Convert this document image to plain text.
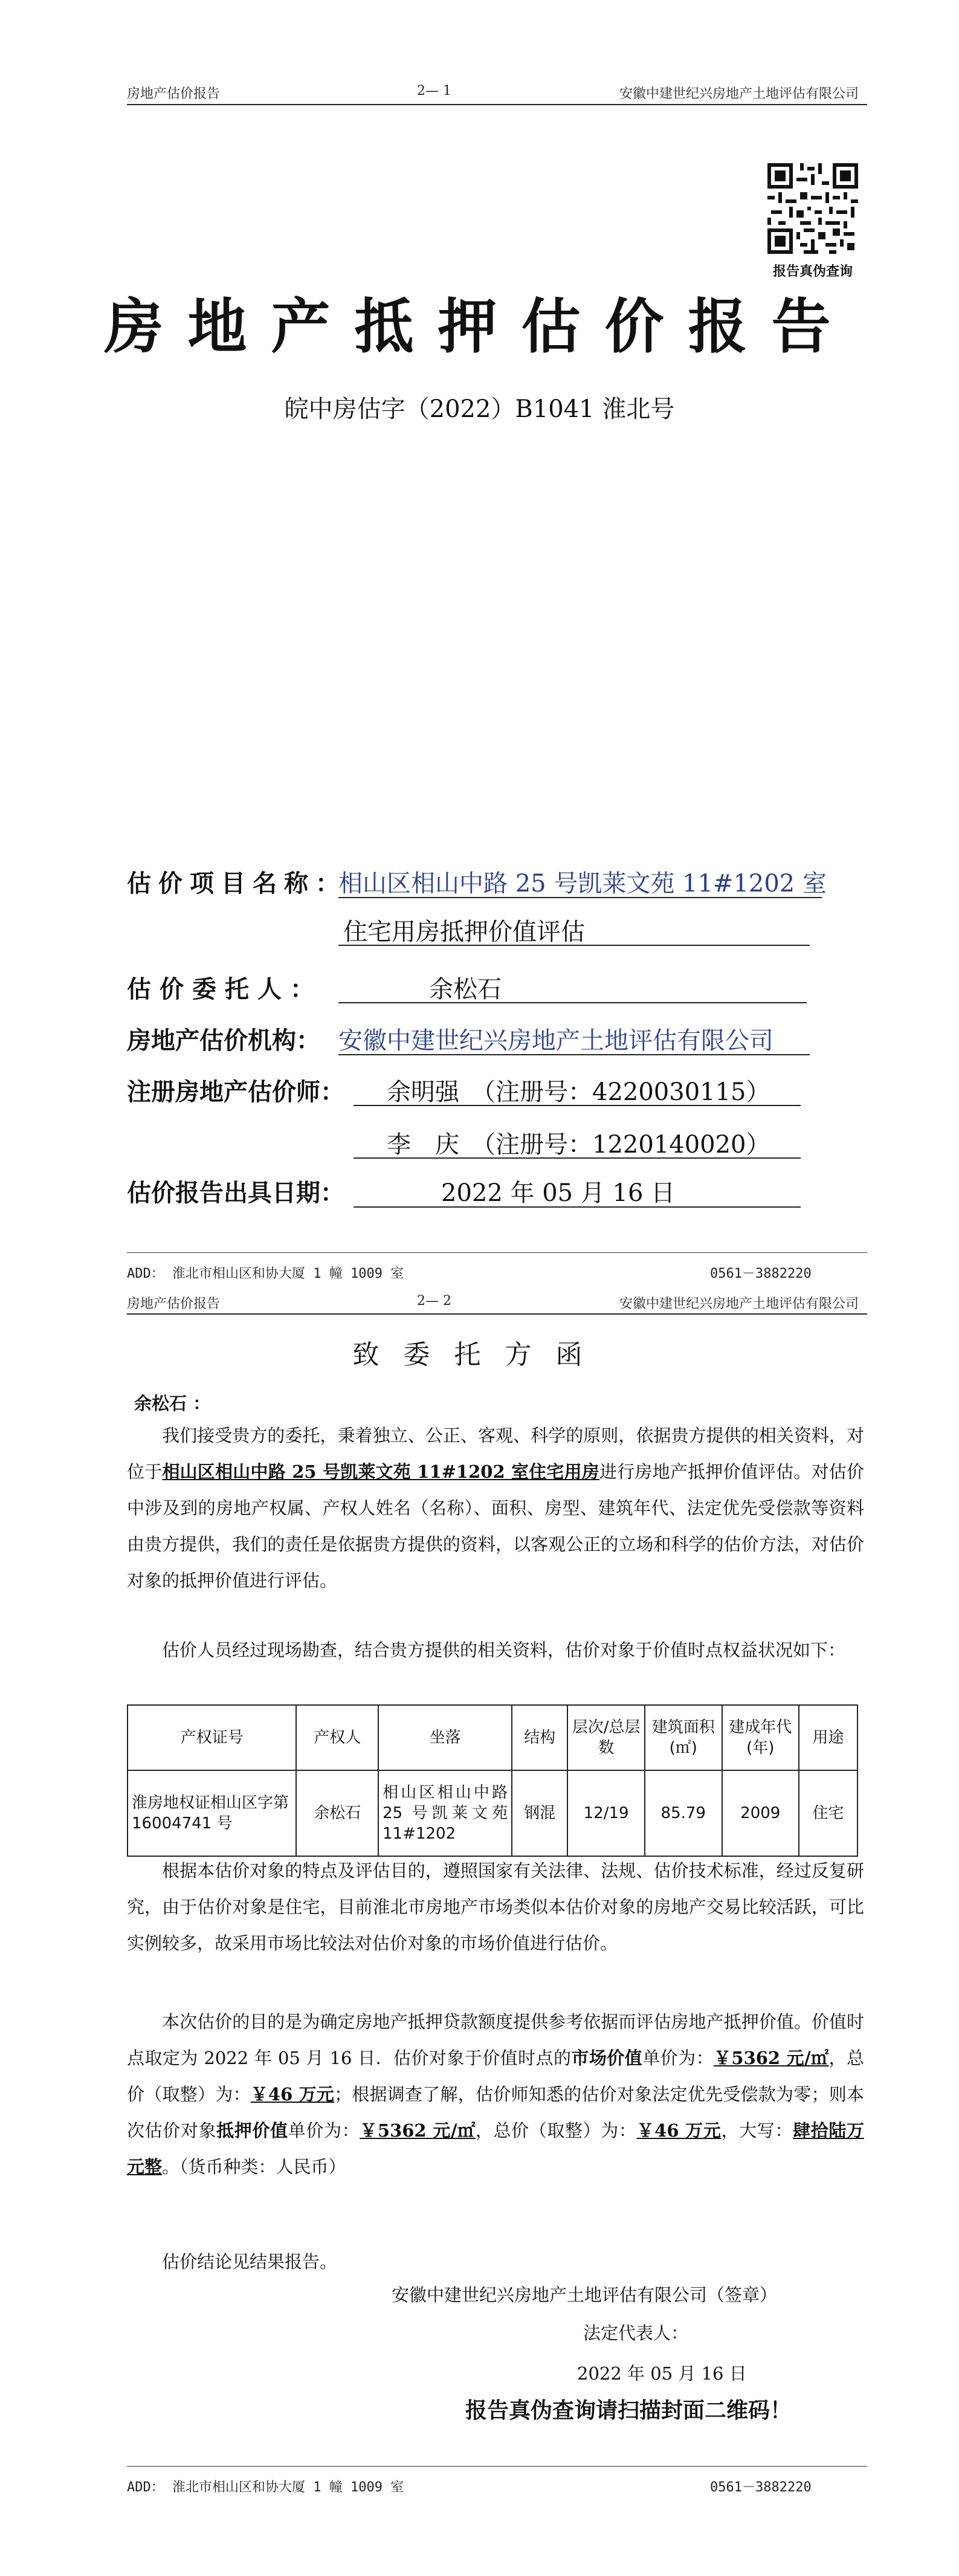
房地产估价报告	2— 1	安徽中建世纪兴房地产土地评估有限公司
报告真伪查询
房地产抵押估价报告
皖中房估字（2022）B1041 淮北号
估价项目名称：
相山区相山中路 25 号凯莱文苑 11#1202 室
住宅用房抵押价值评估
估价委托人：	余松石
房地产估价机构： 安徽中建世纪兴房地产土地评估有限公司
注册房地产估价师： 余明强　（注册号：4220030115）
李　庆　（注册号：1220140020）
估价报告出具日期：	2022 年 05 月 16 日
ADD： 淮北市相山区和协大厦 1 幢 1009 室	0561－3882220
房地产估价报告	2— 2	安徽中建世纪兴房地产土地评估有限公司
致委托方函
余松石 ：
我们接受贵方的委托，秉着独立、公正、客观、科学的原则，依据贵方提供的相关资料，对位于相山区相山中路 25 号凯莱文苑 11#1202 室住宅用房进行房地产抵押价值评估。对估价中涉及到的房地产权属、产权人姓名（名称）、面积、房型、建筑年代、法定优先受偿款等资料由贵方提供，我们的责任是依据贵方提供的资料，以客观公正的立场和科学的估价方法，对估价对象的抵押价值进行评估。
估价人员经过现场勘查，结合贵方提供的相关资料，估价对象于价值时点权益状况如下：
产权证号	产权人	坐落	结构	层次/总层数	建筑面积(㎡)	建成年代(年)	用途
淮房地权证相山区字第 16004741 号	余松石	相山区相山中路 25 号凯莱文苑 11#1202	钢混	12/19	85.79	2009	住宅
根据本估价对象的特点及评估目的，遵照国家有关法律、法规、估价技术标准，经过反复研究，由于估价对象是住宅，目前淮北市房地产市场类似本估价对象的房地产交易比较活跃，可比实例较多，故采用市场比较法对估价对象的市场价值进行估价。
本次估价的目的是为确定房地产抵押贷款额度提供参考依据而评估房地产抵押价值。价值时点取定为 2022 年 05 月 16 日．估价对象于价值时点的市场价值单价为：￥5362 元/㎡，总价（取整）为：￥46 万元；根据调查了解，估价师知悉的估价对象法定优先受偿款为零；则本次估价对象抵押价值单价为：￥5362 元/㎡，总价（取整）为：￥46 万元，大写：肆拾陆万元整。（货币种类：人民币）
估价结论见结果报告。
安徽中建世纪兴房地产土地评估有限公司（签章）
法定代表人：
2022 年 05 月 16 日
报告真伪查询请扫描封面二维码！
ADD： 淮北市相山区和协大厦 1 幢 1009 室	0561－3882220
